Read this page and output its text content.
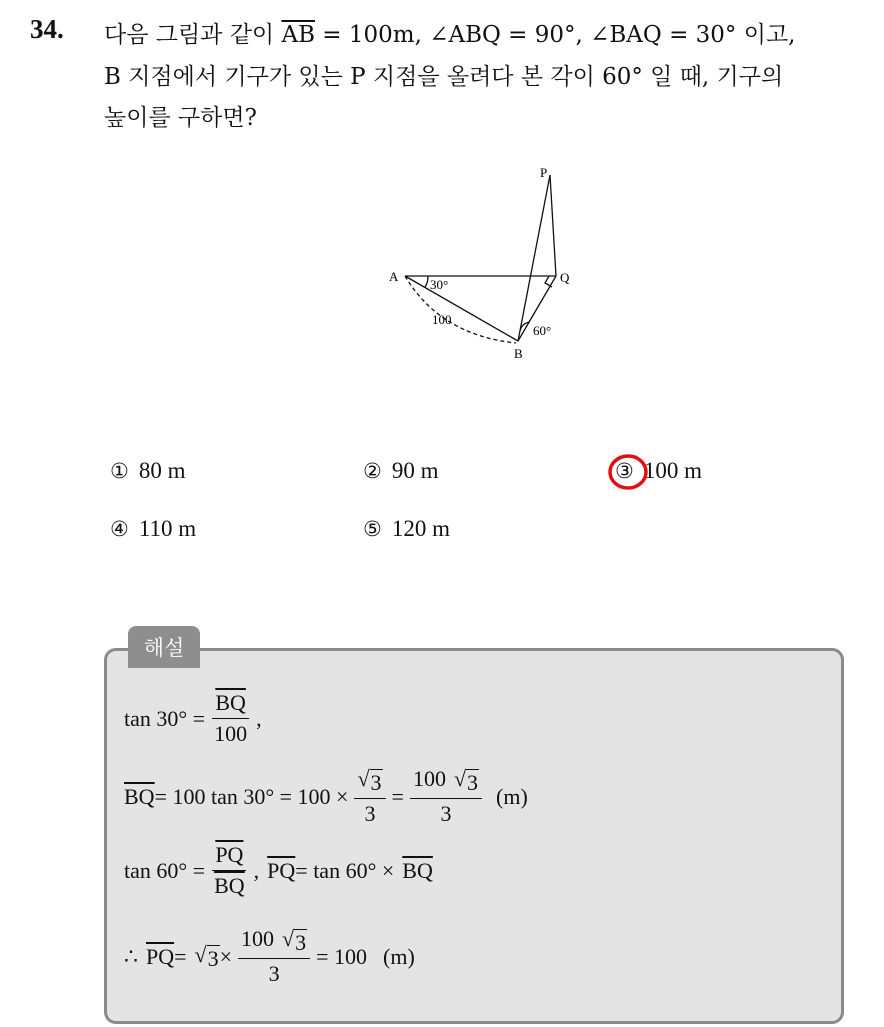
34. 다음 그림과 같이 $\overline{AB} = 100m$, ∠ABQ = 90°, ∠BAQ = 30° 이고,
B 지점에서 기구가 있는 P 지점을 올려다 본 각이 60° 일 때, 기구의
높이를 구하면?
P
A	Q
B
30°
60°
100
① 80 m	② 90 m	③ 100 m
④ 110 m	⑤ 120 m
해설
$\tan 30^\circ = \frac{\overline{BQ}}{100}$ ,
$\overline{BQ} = 100$ $\tan 30^\circ = 100 \times \frac{√ 3}{3} = \frac{100 √ 3}{3} (m)$
$\tan 60^\circ = \frac{\overline{PQ}}{BQ}$ , $\overline{PQ} = \tan 60^\circ \times \overline{BQ}$
∴ $\overline{PQ}$ = √ $3 \times \frac{100 √ 3}{3} = 100$ (m)
